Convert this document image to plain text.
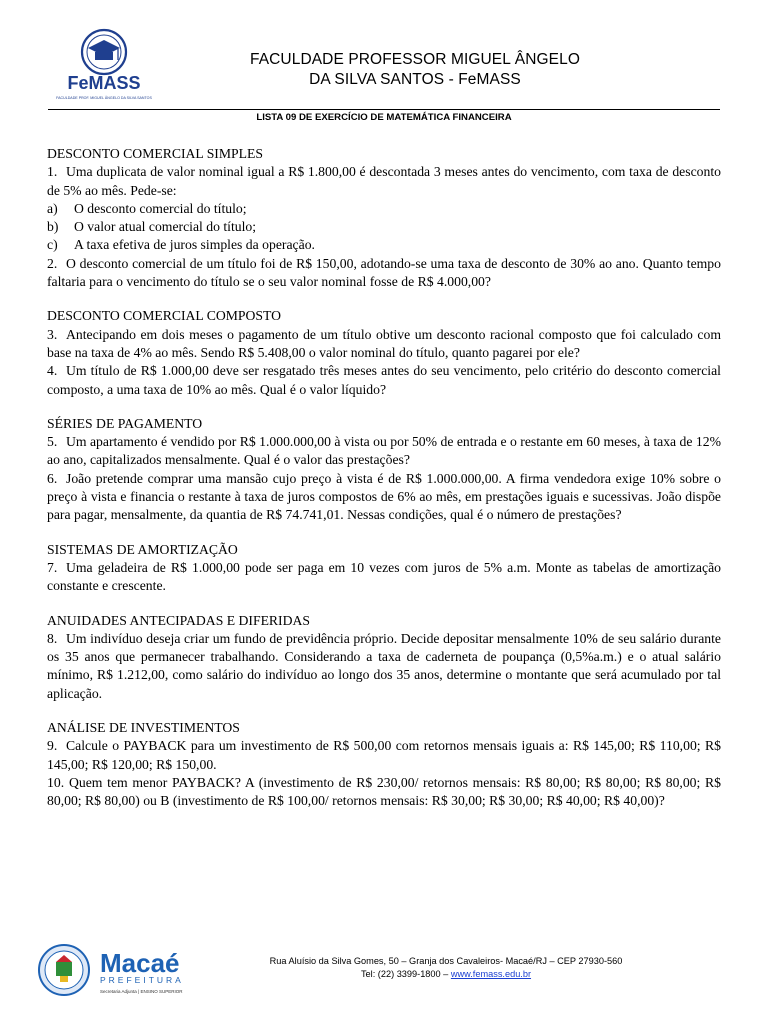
FeMASS
FACULDADE PROF. MIGUEL ÂNGELO DA SILVA SANTOS
FACULDADE PROFESSOR MIGUEL ÂNGELO
DA SILVA SANTOS - FeMASS
LISTA 09 DE EXERCÍCIO DE MATEMÁTICA FINANCEIRA
DESCONTO COMERCIAL SIMPLES
1. Uma duplicata de valor nominal igual a R$ 1.800,00 é descontada 3 meses antes do vencimento, com taxa de desconto de 5% ao mês. Pede-se:
a)	O desconto comercial do título;
b)	O valor atual comercial do título;
c)	A taxa efetiva de juros simples da operação.
2. O desconto comercial de um título foi de R$ 150,00, adotando-se uma taxa de desconto de 30% ao ano. Quanto tempo faltaria para o vencimento do título se o seu valor nominal fosse de R$ 4.000,00?
DESCONTO COMERCIAL COMPOSTO
3. Antecipando em dois meses o pagamento de um título obtive um desconto racional composto que foi calculado com base na taxa de 4% ao mês. Sendo R$ 5.408,00 o valor nominal do título, quanto pagarei por ele?
4. Um título de R$ 1.000,00 deve ser resgatado três meses antes do seu vencimento, pelo critério do desconto comercial composto, a uma taxa de 10% ao mês. Qual é o valor líquido?
SÉRIES DE PAGAMENTO
5. Um apartamento é vendido por R$ 1.000.000,00 à vista ou por 50% de entrada e o restante em 60 meses, à taxa de 12% ao ano, capitalizados mensalmente. Qual é o valor das prestações?
6. João pretende comprar uma mansão cujo preço à vista é de R$ 1.000.000,00. A firma vendedora exige 10% sobre o preço à vista e financia o restante à taxa de juros compostos de 6% ao mês, em prestações iguais e sucessivas. João dispõe para pagar, mensalmente, da quantia de R$ 74.741,01. Nessas condições, qual é o número de prestações?
SISTEMAS DE AMORTIZAÇÃO
7. Uma geladeira de R$ 1.000,00 pode ser paga em 10 vezes com juros de 5% a.m. Monte as tabelas de amortização constante e crescente.
ANUIDADES ANTECIPADAS E DIFERIDAS
8. Um indivíduo deseja criar um fundo de previdência próprio. Decide depositar mensalmente 10% de seu salário durante os 35 anos que permanecer trabalhando. Considerando a taxa de caderneta de poupança (0,5%a.m.) e o atual salário mínimo, R$ 1.212,00, como salário do indivíduo ao longo dos 35 anos, determine o montante que será acumulado por tal aplicação.
ANÁLISE DE INVESTIMENTOS
9. Calcule o PAYBACK para um investimento de R$ 500,00 com retornos mensais iguais a: R$ 145,00; R$ 110,00; R$ 145,00; R$ 120,00; R$ 150,00.
10. Quem tem menor PAYBACK? A (investimento de R$ 230,00/ retornos mensais: R$ 80,00; R$ 80,00; R$ 80,00; R$ 80,00; R$ 80,00) ou B (investimento de R$ 100,00/ retornos mensais: R$ 30,00; R$ 30,00; R$ 40,00; R$ 40,00)?
Macaé
PREFEITURA
Secretaria Adjunta | ENSINO SUPERIOR
Rua Aluísio da Silva Gomes, 50 – Granja dos Cavaleiros- Macaé/RJ – CEP 27930-560
Tel: (22) 3399-1800 – www.femass.edu.br
